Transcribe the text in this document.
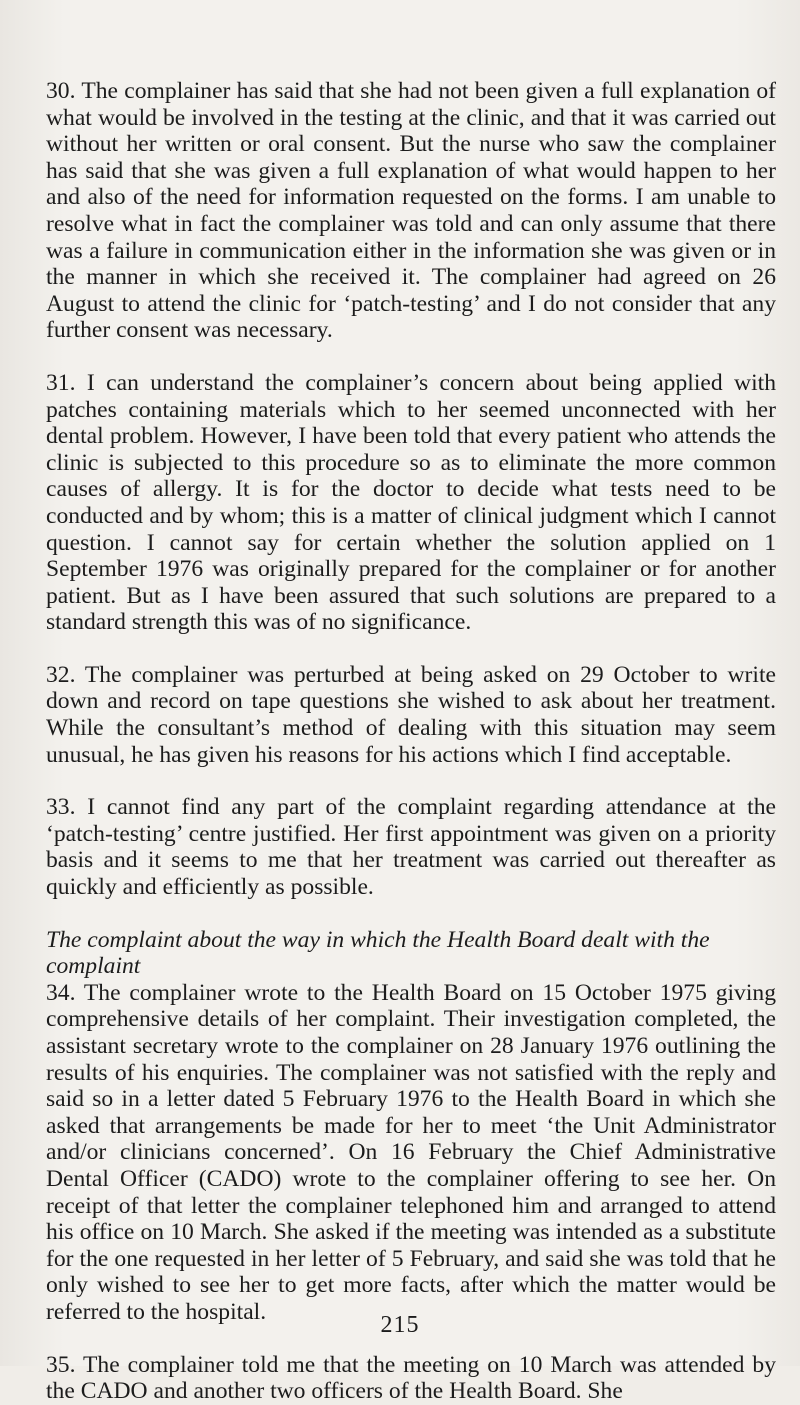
30. The complainer has said that she had not been given a full explanation of what would be involved in the testing at the clinic, and that it was carried out without her written or oral consent. But the nurse who saw the complainer has said that she was given a full explanation of what would happen to her and also of the need for information requested on the forms. I am unable to resolve what in fact the complainer was told and can only assume that there was a failure in communication either in the information she was given or in the manner in which she received it. The complainer had agreed on 26 August to attend the clinic for ‘patch-testing’ and I do not consider that any further consent was necessary.

31. I can understand the complainer’s concern about being applied with patches containing materials which to her seemed unconnected with her dental problem. However, I have been told that every patient who attends the clinic is subjected to this procedure so as to eliminate the more common causes of allergy. It is for the doctor to decide what tests need to be conducted and by whom; this is a matter of clinical judgment which I cannot question. I cannot say for certain whether the solution applied on 1 September 1976 was originally prepared for the complainer or for another patient. But as I have been assured that such solutions are prepared to a standard strength this was of no significance.

32. The complainer was perturbed at being asked on 29 October to write down and record on tape questions she wished to ask about her treatment. While the consultant’s method of dealing with this situation may seem unusual, he has given his reasons for his actions which I find acceptable.

33. I cannot find any part of the complaint regarding attendance at the ‘patch-testing’ centre justified. Her first appointment was given on a priority basis and it seems to me that her treatment was carried out thereafter as quickly and efficiently as possible.

The complaint about the way in which the Health Board dealt with the complaint

34. The complainer wrote to the Health Board on 15 October 1975 giving comprehensive details of her complaint. Their investigation completed, the assistant secretary wrote to the complainer on 28 January 1976 outlining the results of his enquiries. The complainer was not satisfied with the reply and said so in a letter dated 5 February 1976 to the Health Board in which she asked that arrangements be made for her to meet ‘the Unit Administrator and/or clinicians concerned’. On 16 February the Chief Administrative Dental Officer (CADO) wrote to the complainer offering to see her. On receipt of that letter the complainer telephoned him and arranged to attend his office on 10 March. She asked if the meeting was intended as a substitute for the one requested in her letter of 5 February, and said she was told that he only wished to see her to get more facts, after which the matter would be referred to the hospital.

35. The complainer told me that the meeting on 10 March was attended by the CADO and another two officers of the Health Board. She

215
